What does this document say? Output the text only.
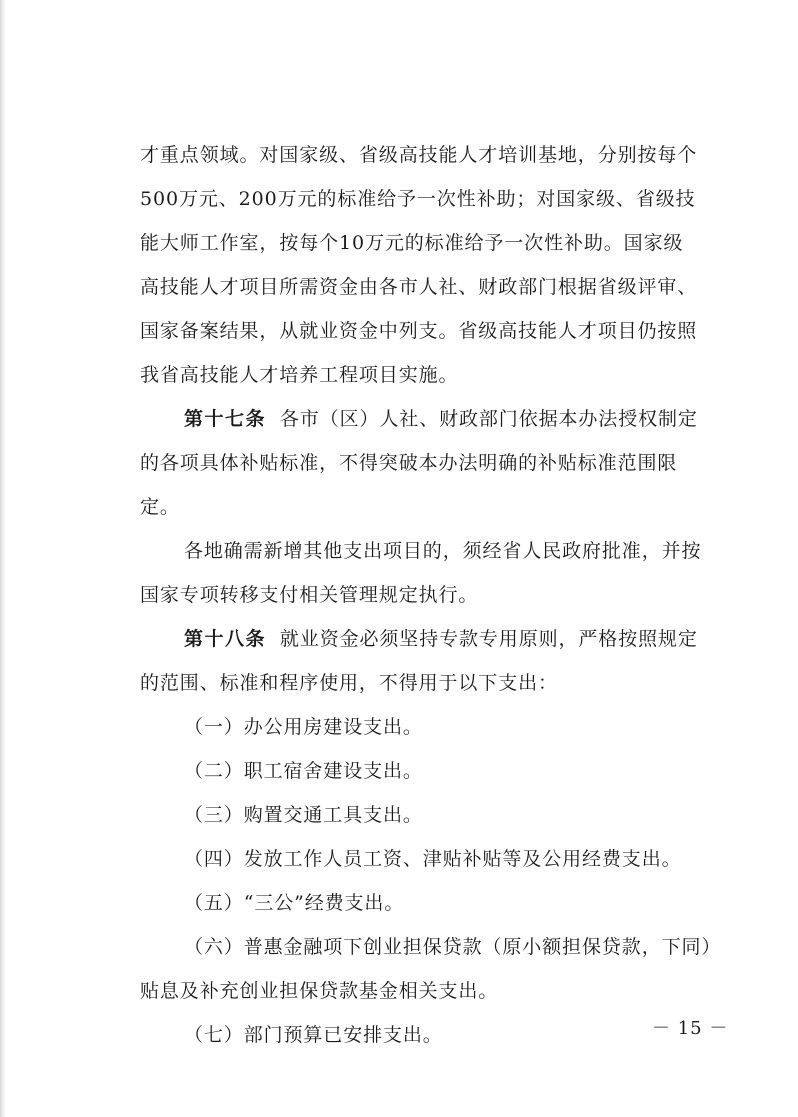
才重点领域。对国家级、省级高技能人才培训基地，分别按每个
500万元、200万元的标准给予一次性补助；对国家级、省级技
能大师工作室，按每个10万元的标准给予一次性补助。国家级
高技能人才项目所需资金由各市人社、财政部门根据省级评审、
国家备案结果，从就业资金中列支。省级高技能人才项目仍按照
我省高技能人才培养工程项目实施。
第十七条 各市（区）人社、财政部门依据本办法授权制定
的各项具体补贴标准，不得突破本办法明确的补贴标准范围限
定。
各地确需新增其他支出项目的，须经省人民政府批准，并按
国家专项转移支付相关管理规定执行。
第十八条 就业资金必须坚持专款专用原则，严格按照规定
的范围、标准和程序使用，不得用于以下支出：
（一）办公用房建设支出。
（二）职工宿舍建设支出。
（三）购置交通工具支出。
（四）发放工作人员工资、津贴补贴等及公用经费支出。
（五）“三公”经费支出。
（六）普惠金融项下创业担保贷款（原小额担保贷款，下同）
贴息及补充创业担保贷款基金相关支出。
（七）部门预算已安排支出。	－ 15 －
